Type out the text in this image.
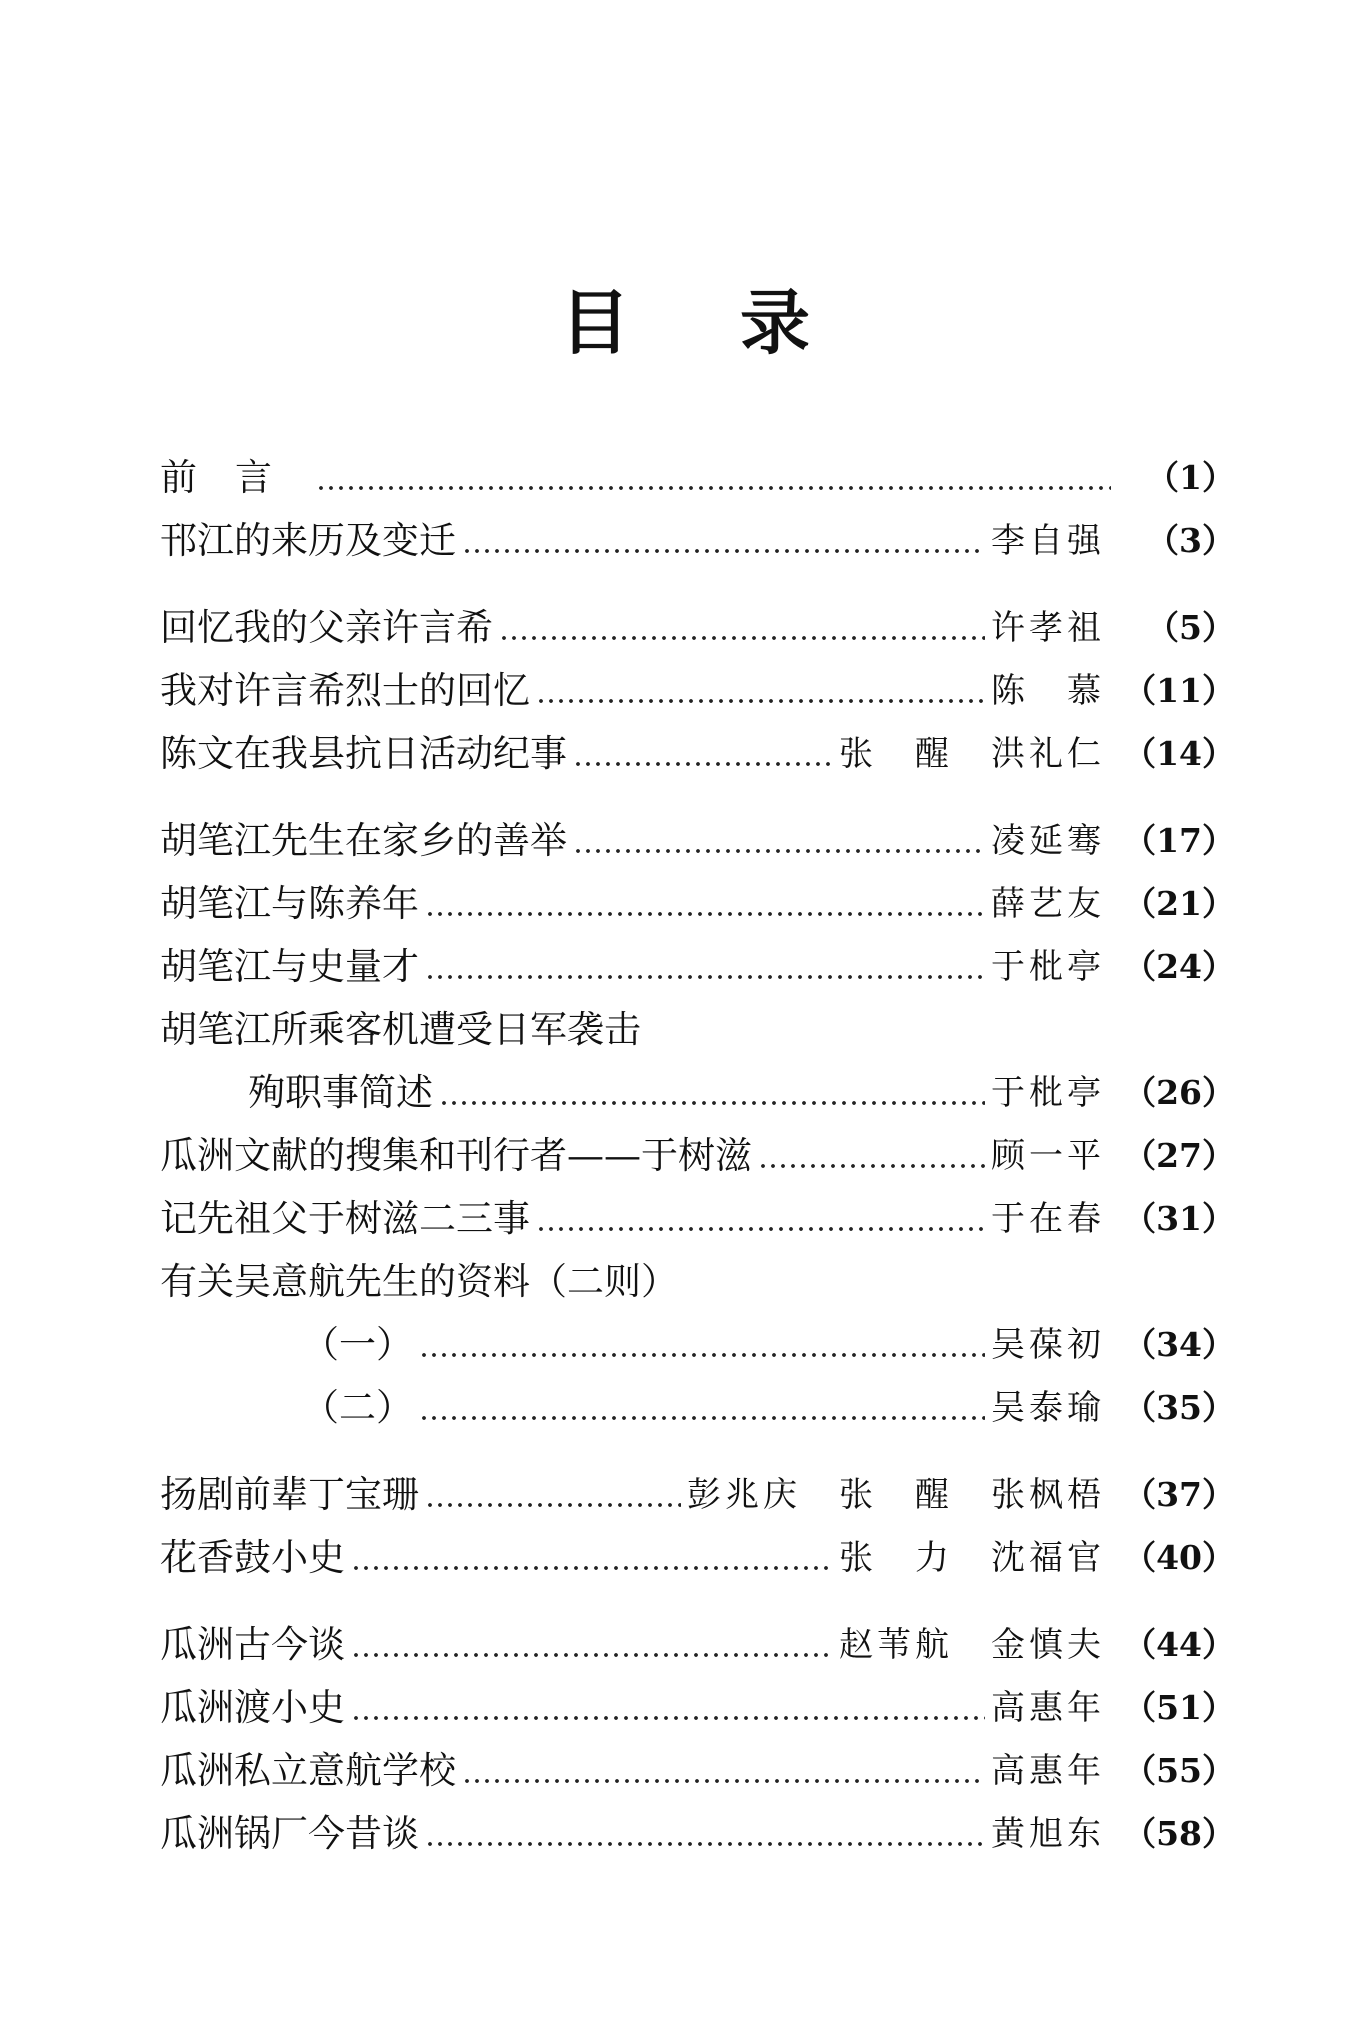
目录
前言	（1）
邗江的来历及变迁	李自强	（3）
回忆我的父亲许言希	许孝祖	（5）
我对许言希烈士的回忆	陈　慕 （11）
陈文在我县抗日活动纪事	张　醒　洪礼仁 （14）
胡笔江先生在家乡的善举	凌延骞 （17）
胡笔江与陈养年	薛艺友 （21）
胡笔江与史量才	于枇亭 （24）
胡笔江所乘客机遭受日军袭击
殉职事简述	于枇亭 （26）
瓜洲文献的搜集和刊行者——于树滋	顾一平 （27）
记先祖父于树滋二三事	于在春 （31）
有关吴意航先生的资料（二则）
（一）	吴葆初 （34）
（二）	吴泰瑜 （35）
扬剧前辈丁宝珊	彭兆庆　张　醒　张枫梧 （37）
花香鼓小史	张　力　沈福官 （40）
瓜洲古今谈	赵苇航　金慎夫 （44）
瓜洲渡小史	高惠年 （51）
瓜洲私立意航学校	高惠年 （55）
瓜洲锅厂今昔谈	黄旭东 （58）
